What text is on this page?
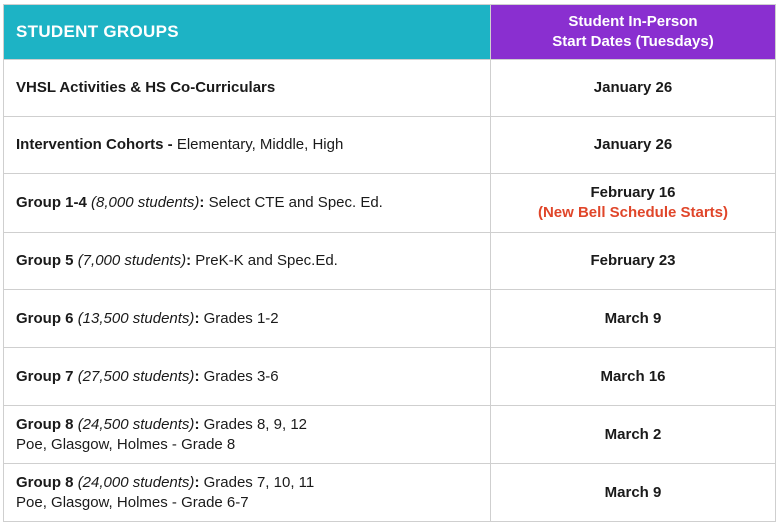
STUDENT GROUPS	Student In-Person
Start Dates (Tuesdays)

VHSL Activities & HS Co-Curriculars	January 26
Intervention Cohorts - Elementary, Middle, High	January 26
Group 1-4 (8,000 students): Select CTE and Spec. Ed.	February 16
(New Bell Schedule Starts)

Group 5 (7,000 students): PreK-K and Spec.Ed.	February 23
Group 6 (13,500 students): Grades 1-2	March 9
Group 7 (27,500 students): Grades 3-6	March 16

Group 8 (24,500 students): Grades 8, 9, 12
Poe, Glasgow, Holmes - Grade 8	March 2

Group 8 (24,000 students): Grades 7, 10, 11
Poe, Glasgow, Holmes - Grade 6-7	March 9
